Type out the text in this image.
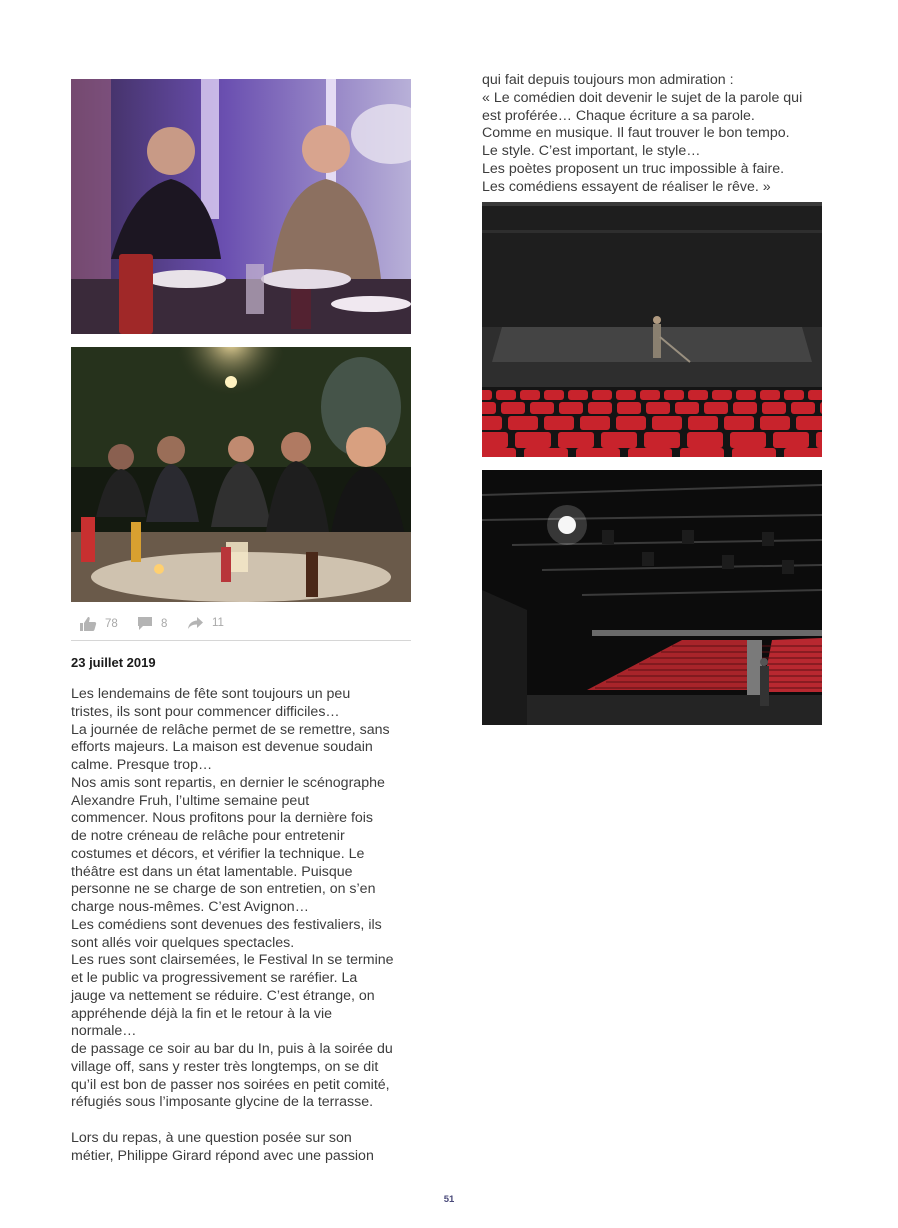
78	8	11
23 juillet 2019
Les lendemains de fête sont toujours un peu
tristes, ils sont pour commencer difficiles…
La journée de relâche permet de se remettre, sans
efforts majeurs. La maison est devenue soudain
calme. Presque trop…
Nos amis sont repartis, en dernier le scénographe
Alexandre Fruh, l’ultime semaine peut
commencer. Nous profitons pour la dernière fois
de notre créneau de relâche pour entretenir
costumes et décors, et vérifier la technique. Le
théâtre est dans un état lamentable. Puisque
personne ne se charge de son entretien, on s’en
charge nous-mêmes. C’est Avignon…
Les comédiens sont devenues des festivaliers, ils
sont allés voir quelques spectacles.
Les rues sont clairsemées, le Festival In se termine
et le public va progressivement se raréfier. La
jauge va nettement se réduire. C’est étrange, on
appréhende déjà la fin et le retour à la vie
normale…
de passage ce soir au bar du In, puis à la soirée du
village off, sans y rester très longtemps, on se dit
qu’il est bon de passer nos soirées en petit comité,
réfugiés sous l’imposante glycine de la terrasse.

Lors du repas, à une question posée sur son
métier, Philippe Girard répond avec une passion
qui fait depuis toujours mon admiration :
« Le comédien doit devenir le sujet de la parole qui
est proférée… Chaque écriture a sa parole.
Comme en musique. Il faut trouver le bon tempo.
Le style. C’est important, le style…
Les poètes proposent un truc impossible à faire.
Les comédiens essayent de réaliser le rêve. »
51
